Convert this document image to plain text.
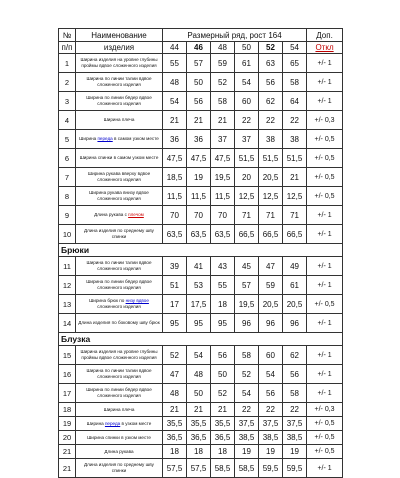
№	Наименование	Размерный ряд, рост 164						Доп.
п/п	изделия	44	46	48	50	52	54	Откл
1	Ширина изделия на уровне глубины проймы вдвое сложенного изделия	55	57	59	61	63	65	+/- 1
2	Ширина по линии талии вдвое сложенного изделия	48	50	52	54	56	58	+/- 1
3	Ширина по линии бёдер вдвое сложенного изделия	54	56	58	60	62	64	+/- 1
4	Ширина плеча	21	21	21	22	22	22	+/- 0,3
5	Ширина переда в самом узком месте	36	36	37	37	38	38	+/- 0,5
6	Ширина спинки в самом узком месте	47,5	47,5	47,5	51,5	51,5	51,5	+/- 0,5
7	Ширина рукава вверху вдвое сложенного изделия	18,5	19	19,5	20	20,5	21	+/- 0,5
8	Ширина рукава внизу вдвое сложенного изделия	11,5	11,5	11,5	12,5	12,5	12,5	+/- 0,5
9	Длина рукава с плечом	70	70	70	71	71	71	+/- 1
10	Длина изделия по среднему шву спинки	63,5	63,5	63,5	66,5	66,5	66,5	+/- 1
Брюки								
11	Ширина по линии талии вдвое сложенного изделия	39	41	43	45	47	49	+/- 1
12	Ширина по линии бёдер вдвое сложенного изделия	51	53	55	57	59	61	+/- 1
13	Ширина брюк по низу вдвое сложенного изделия	17	17,5	18	19,5	20,5	20,5	+/- 0,5
14	Длина изделия по боковому шву брюк	95	95	95	96	96	96	+/- 1
Блузка								
15	Ширина изделия на уровне глубины проймы вдвое сложенного изделия	52	54	56	58	60	62	+/- 1
16	Ширина по линии талии вдвое сложенного изделия	47	48	50	52	54	56	+/- 1
17	Ширина по линии бёдер вдвое сложенного изделия	48	50	52	54	56	58	+/- 1
18	Ширина плеча	21	21	21	22	22	22	+/- 0,3
19	Ширина переда в узком месте	35,5	35,5	35,5	37,5	37,5	37,5	+/- 0,5
20	Ширина спинки в узком месте	36,5	36,5	36,5	38,5	38,5	38,5	+/- 0,5
21	Длина рукава	18	18	18	19	19	19	+/- 0,5
21	Длина изделия по среднему шву спинки	57,5	57,5	58,5	58,5	59,5	59,5	+/- 1
